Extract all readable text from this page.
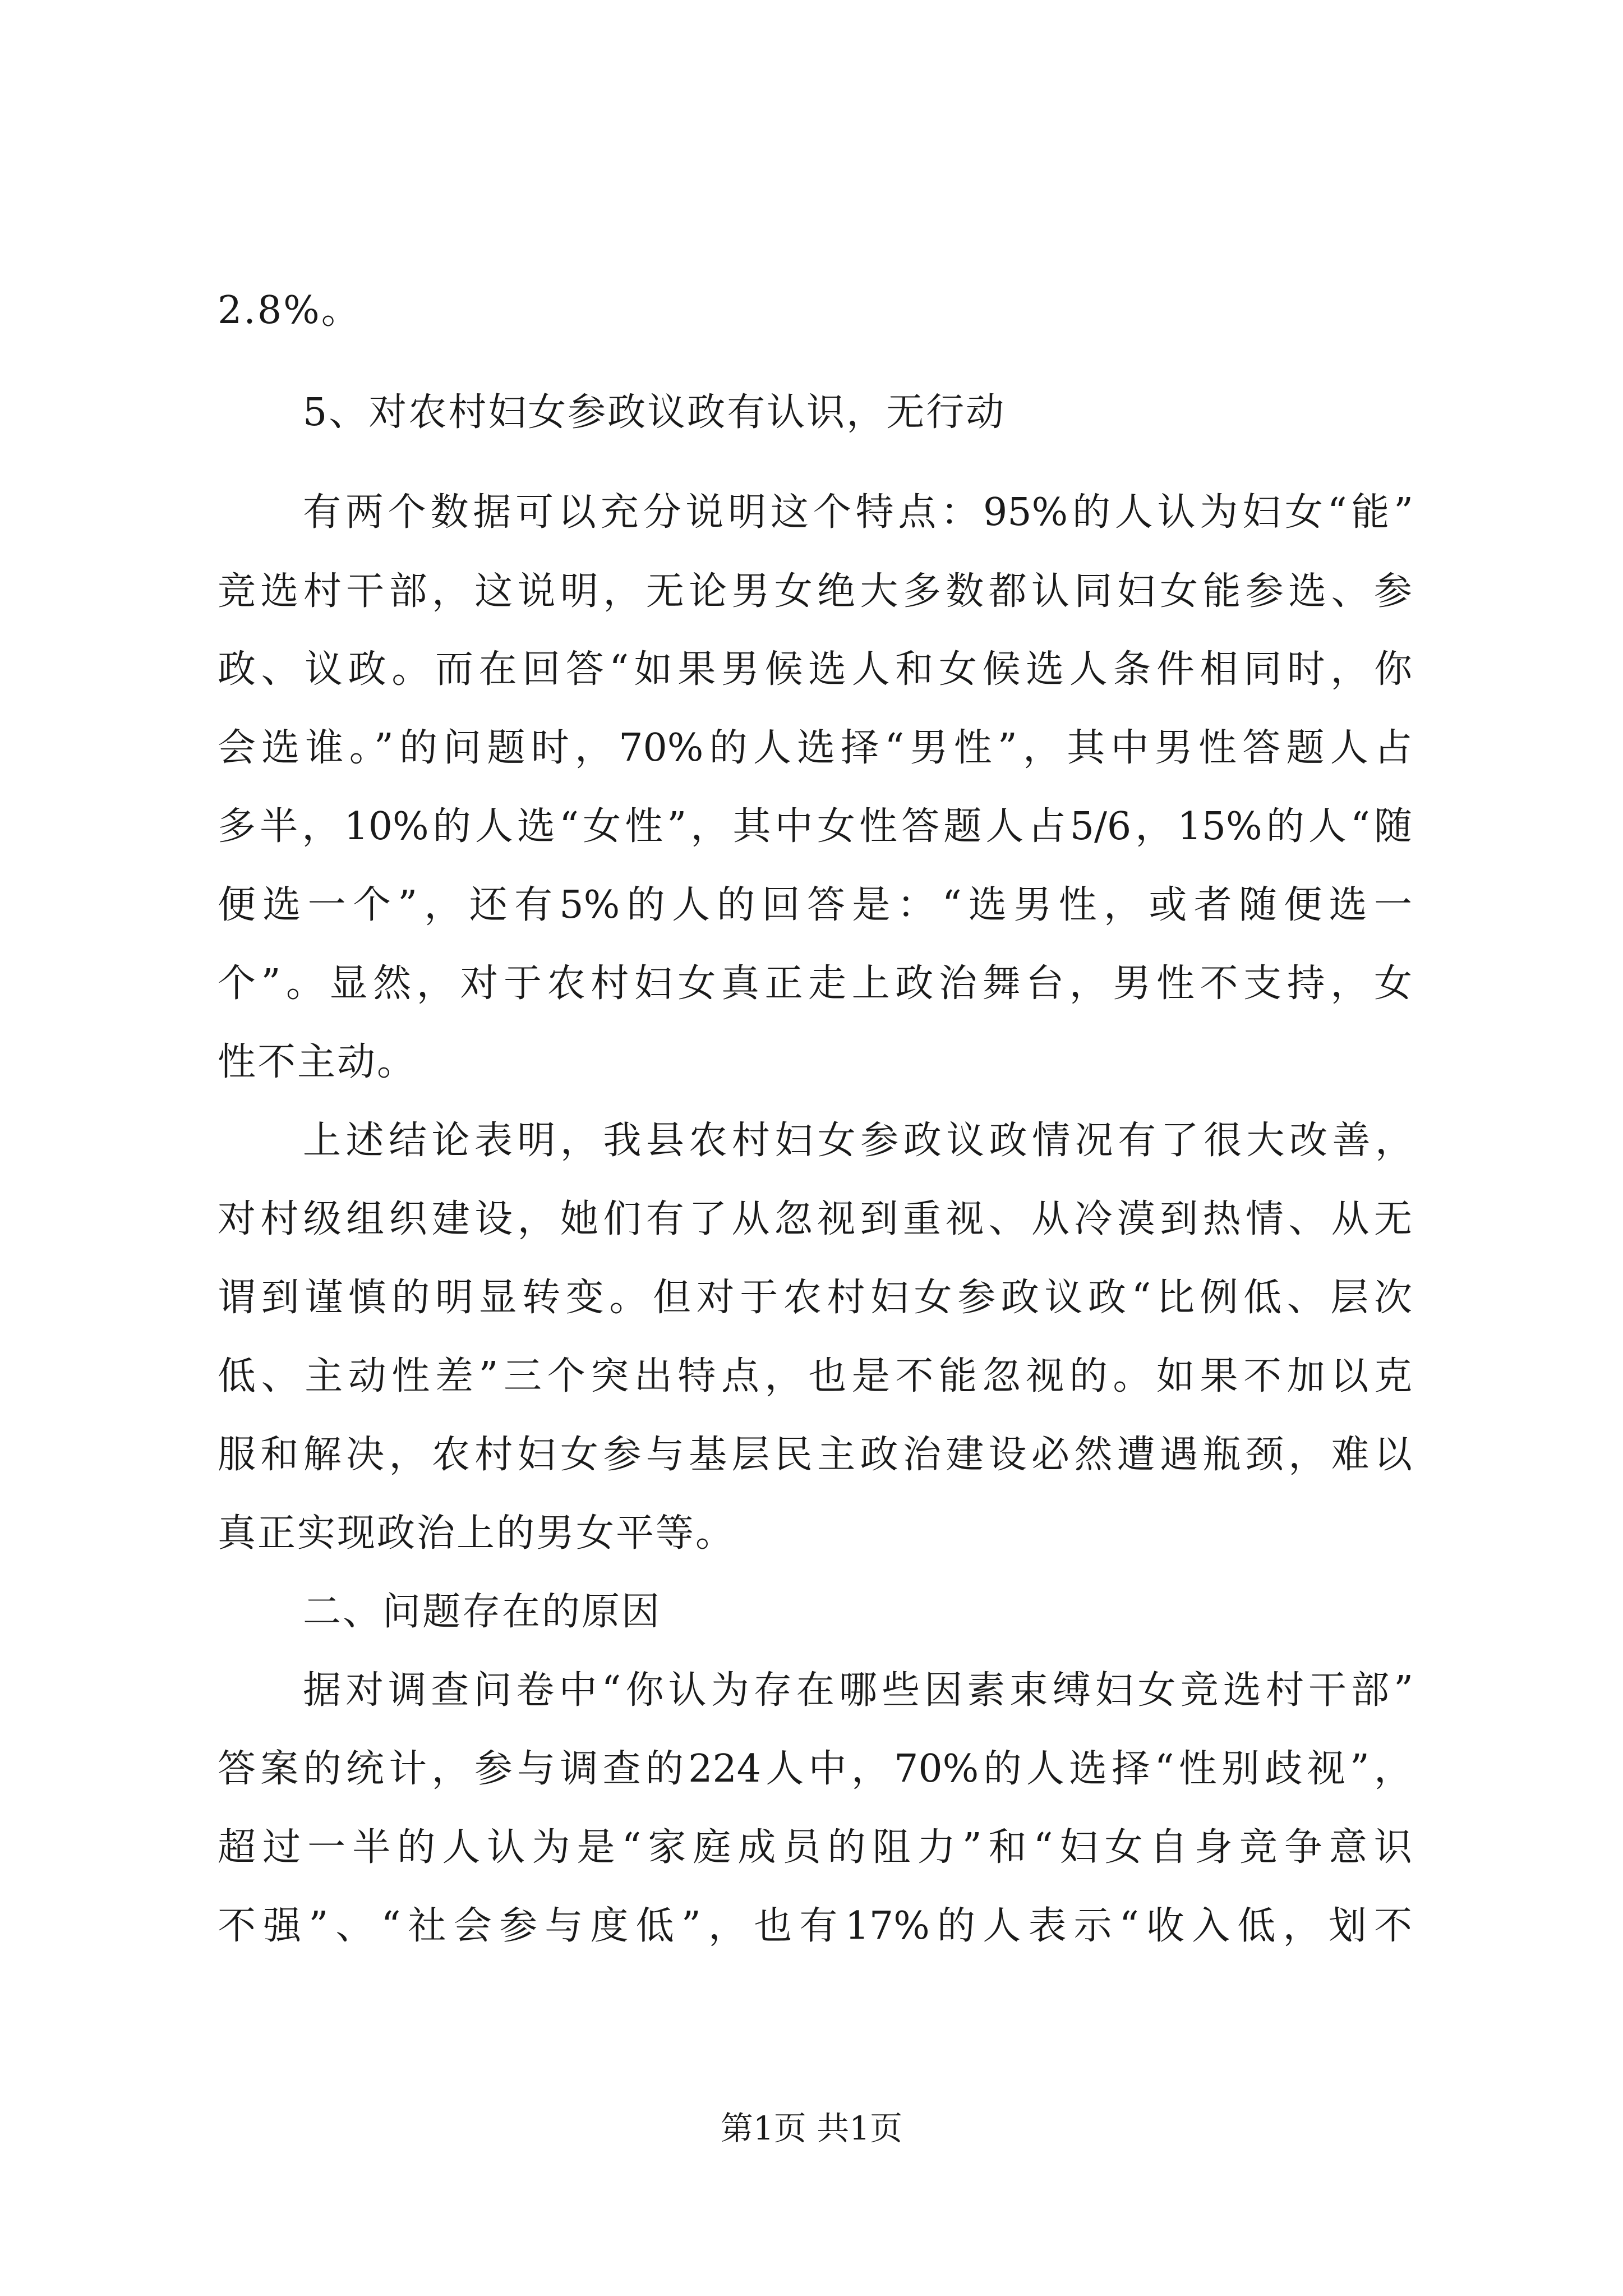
2.8%。
5、对农村妇女参政议政有认识，无行动
有两个数据可以充分说明这个特点：95%的人认为妇女“能”
竞选村干部，这说明，无论男女绝大多数都认同妇女能参选、参
政、议政。而在回答“如果男候选人和女候选人条件相同时，你
会选谁。”的问题时，70%的人选择“男性”，其中男性答题人占
多半，10%的人选“女性”，其中女性答题人占5/6，15%的人“随
便选一个”，还有5%的人的回答是：“选男性，或者随便选一
个”。显然，对于农村妇女真正走上政治舞台，男性不支持，女
性不主动。
上述结论表明，我县农村妇女参政议政情况有了很大改善，
对村级组织建设，她们有了从忽视到重视、从冷漠到热情、从无
谓到谨慎的明显转变。但对于农村妇女参政议政“比例低、层次
低、主动性差”三个突出特点，也是不能忽视的。如果不加以克
服和解决，农村妇女参与基层民主政治建设必然遭遇瓶颈，难以
真正实现政治上的男女平等。
二、问题存在的原因
据对调查问卷中“你认为存在哪些因素束缚妇女竞选村干部”
答案的统计，参与调查的224人中，70%的人选择“性别歧视”，
超过一半的人认为是“家庭成员的阻力”和“妇女自身竞争意识
不强”、“社会参与度低”，也有17%的人表示“收入低，划不
第1页 共1页
